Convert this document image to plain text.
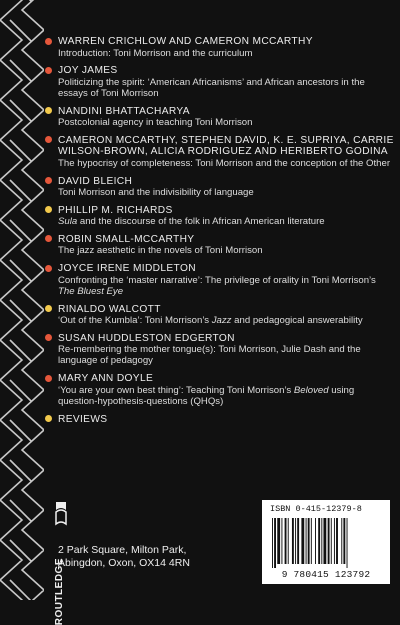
WARREN CRICHLOW AND CAMERON MCCARTHY
Introduction: Toni Morrison and the curriculum
JOY JAMES
Politicizing the spirit: ‘American Africanisms’ and African ancestors in the essays of Toni Morrison
NANDINI BHATTACHARYA
Postcolonial agency in teaching Toni Morrison
CAMERON MCCARTHY, STEPHEN DAVID, K. E. SUPRIYA, CARRIE WILSON-BROWN, ALICIA RODRIGUEZ AND HERIBERTO GODINA
The hypocrisy of completeness: Toni Morrison and the conception of the Other
DAVID BLEICH
Toni Morrison and the indivisibility of language
PHILLIP M. RICHARDS
Sula and the discourse of the folk in African American literature
ROBIN SMALL-MCCARTHY
The jazz aesthetic in the novels of Toni Morrison
JOYCE IRENE MIDDLETON
Confronting the ‘master narrative’: The privilege of orality in Toni Morrison’s The Bluest Eye
RINALDO WALCOTT
‘Out of the Kumbla’: Toni Morrison’s Jazz and pedagogical answerability
SUSAN HUDDLESTON EDGERTON
Re-membering the mother tongue(s): Toni Morrison, Julie Dash and the language of pedagogy
MARY ANN DOYLE
‘You are your own best thing’: Teaching Toni Morrison’s Beloved using question-hypothesis-questions (QHQs)
REVIEWS
ROUTLEDGE
2 Park Square, Milton Park,
Abingdon, Oxon, OX14 4RN
ISBN 0-415-12379-8
9 780415 123792
